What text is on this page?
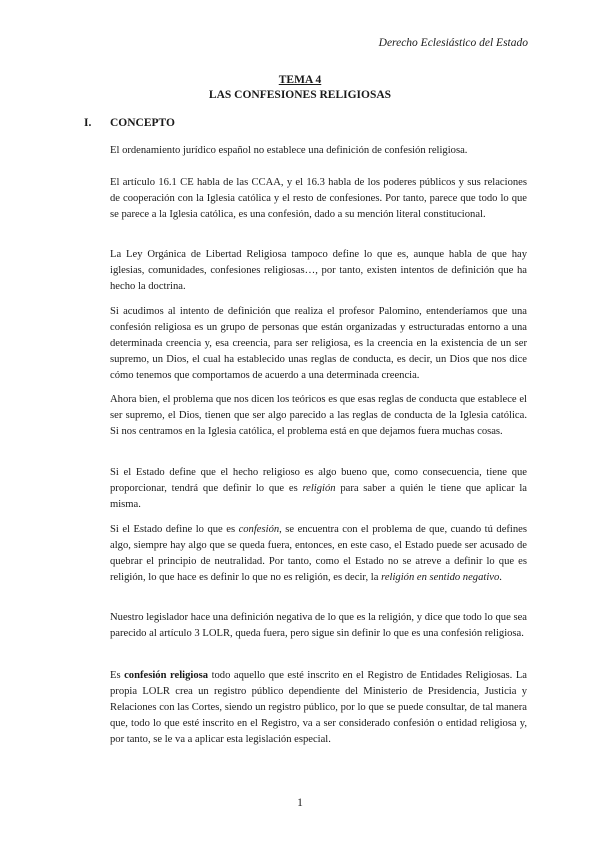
Derecho Eclesiástico del Estado
TEMA 4
LAS CONFESIONES RELIGIOSAS
I. CONCEPTO

El ordenamiento jurídico español no establece una definición de confesión religiosa.

El artículo 16.1 CE habla de las CCAA, y el 16.3 habla de los poderes públicos y sus relaciones de cooperación con la Iglesia católica y el resto de confesiones. Por tanto, parece que todo lo que se parece a la Iglesia católica, es una confesión, dado a su mención literal constitucional.

La Ley Orgánica de Libertad Religiosa tampoco define lo que es, aunque habla de que hay iglesias, comunidades, confesiones religiosas…, por tanto, existen intentos de definición que ha hecho la doctrina.

Si acudimos al intento de definición que realiza el profesor Palomino, entenderíamos que una confesión religiosa es un grupo de personas que están organizadas y estructuradas entorno a una determinada creencia y, esa creencia, para ser religiosa, es la creencia en la existencia de un ser supremo, un Dios, el cual ha establecido unas reglas de conducta, es decir, un Dios que nos dice cómo tenemos que comportamos de acuerdo a una determinada creencia.

Ahora bien, el problema que nos dicen los teóricos es que esas reglas de conducta que establece el ser supremo, el Dios, tienen que ser algo parecido a las reglas de conducta de la Iglesia católica. Si nos centramos en la Iglesia católica, el problema está en que dejamos fuera muchas cosas.

Si el Estado define que el hecho religioso es algo bueno que, como consecuencia, tiene que proporcionar, tendrá que definir lo que es religión para saber a quién le tiene que aplicar la misma.

Si el Estado define lo que es confesión, se encuentra con el problema de que, cuando tú defines algo, siempre hay algo que se queda fuera, entonces, en este caso, el Estado puede ser acusado de quebrar el principio de neutralidad. Por tanto, como el Estado no se atreve a definir lo que es religión, lo que hace es definir lo que no es religión, es decir, la religión en sentido negativo.

Nuestro legislador hace una definición negativa de lo que es la religión, y dice que todo lo que sea parecido al artículo 3 LOLR, queda fuera, pero sigue sin definir lo que es una confesión religiosa.

Es confesión religiosa todo aquello que esté inscrito en el Registro de Entidades Religiosas. La propia LOLR crea un registro público dependiente del Ministerio de Presidencia, Justicia y Relaciones con las Cortes, siendo un registro público, por lo que se puede consultar, de tal manera que, todo lo que esté inscrito en el Registro, va a ser considerado confesión o entidad religiosa y, por tanto, se le va a aplicar esta legislación especial.

1
